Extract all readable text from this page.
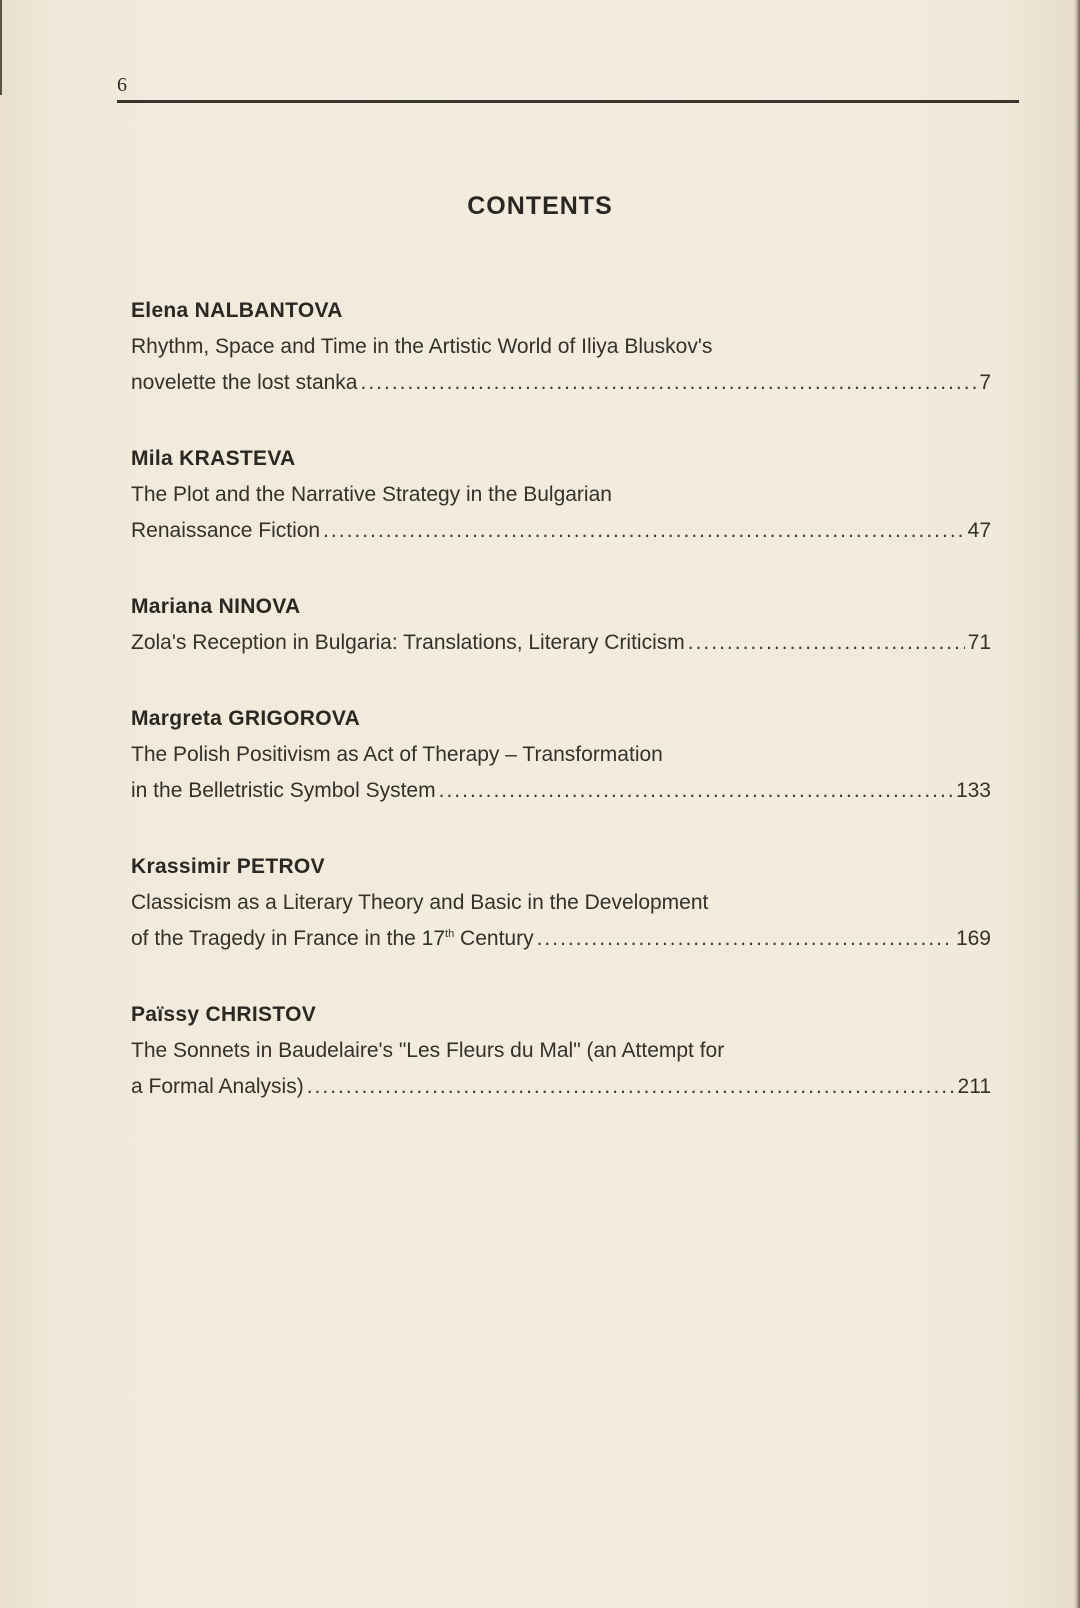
6
CONTENTS
Elena NALBANTOVA
Rhythm, Space and Time in the Artistic World of Iliya Bluskov's
novelette the lost stanka .....	7
Mila KRASTEVA
The Plot and the Narrative Strategy in the Bulgarian
Renaissance Fiction .....	47
Mariana NINOVA
Zola's Reception in Bulgaria: Translations, Literary Criticism .....	71
Margreta GRIGOROVA
The Polish Positivism as Act of Therapy – Transformation
in the Belletristic Symbol System .....	133
Krassimir PETROV
Classicism as a Literary Theory and Basic in the Development
of the Tragedy in France in the 17th Century .....	169
Païssy CHRISTOV
The Sonnets in Baudelaire's "Les Fleurs du Mal" (an Attempt for
a Formal Analysis) .....	211
